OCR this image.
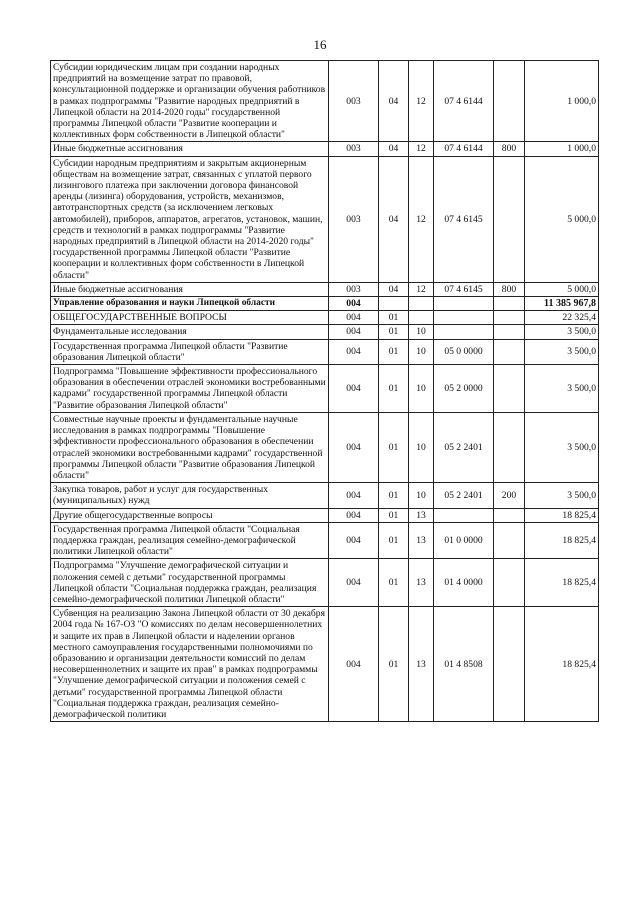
16
Субсидии юридическим лицам при создании народных предприятий на возмещение затрат по правовой, консультационной поддержке и организации обучения работников в рамках подпрограммы "Развитие народных предприятий в Липецкой области на 2014-2020 годы" государственной программы Липецкой области "Развитие кооперации и коллективных форм собственности в Липецкой области"	003	04	12	07 4 6144		1 000,0
Иные бюджетные ассигнования	003	04	12	07 4 6144	800	1 000,0
Субсидии народным предприятиям и закрытым акционерным обществам на возмещение затрат, связанных с уплатой первого лизингового платежа при заключении договора финансовой аренды (лизинга) оборудования, устройств, механизмов, автотранспортных средств (за исключением легковых автомобилей), приборов, аппаратов, агрегатов, установок, машин, средств и технологий в рамках подпрограммы "Развитие народных предприятий в Липецкой области на 2014-2020 годы" государственной программы Липецкой области "Развитие кооперации и коллективных форм собственности в Липецкой области"	003	04	12	07 4 6145		5 000,0
Иные бюджетные ассигнования	003	04	12	07 4 6145	800	5 000,0
Управление образования и науки Липецкой области	004					11 385 967,8
ОБЩЕГОСУДАРСТВЕННЫЕ ВОПРОСЫ	004	01				22 325,4
Фундаментальные исследования	004	01	10			3 500,0
Государственная программа Липецкой области "Развитие образования Липецкой области"	004	01	10	05 0 0000		3 500,0
Подпрограмма "Повышение эффективности профессионального образования в обеспечении отраслей экономики востребованными кадрами" государственной программы Липецкой области "Развитие образования Липецкой области"	004	01	10	05 2 0000		3 500,0
Совместные научные проекты и фундаментальные научные исследования в рамках подпрограммы "Повышение эффективности профессионального образования в обеспечении отраслей экономики востребованными кадрами" государственной программы Липецкой области "Развитие образования Липецкой области"	004	01	10	05 2 2401		3 500,0
Закупка товаров, работ и услуг для государственных (муниципальных) нужд	004	01	10	05 2 2401	200	3 500,0
Другие общегосударственные вопросы	004	01	13			18 825,4
Государственная программа Липецкой области "Социальная поддержка граждан, реализация семейно-демографической политики Липецкой области"	004	01	13	01 0 0000		18 825,4
Подпрограмма "Улучшение демографической ситуации и положения семей с детьми" государственной программы Липецкой области "Социальная поддержка граждан, реализация семейно-демографической политики Липецкой области"	004	01	13	01 4 0000		18 825,4
Субвенция на реализацию Закона Липецкой области от 30 декабря 2004 года № 167-ОЗ "О комиссиях по делам несовершеннолетних и защите их прав в Липецкой области и наделении органов местного самоуправления государственными полномочиями по образованию и организации деятельности комиссий по делам несовершеннолетних и защите их прав" в рамках подпрограммы "Улучшение демографической ситуации и положения семей с детьми" государственной программы Липецкой области "Социальная поддержка граждан, реализация семейно-демографической политики	004	01	13	01 4 8508		18 825,4
